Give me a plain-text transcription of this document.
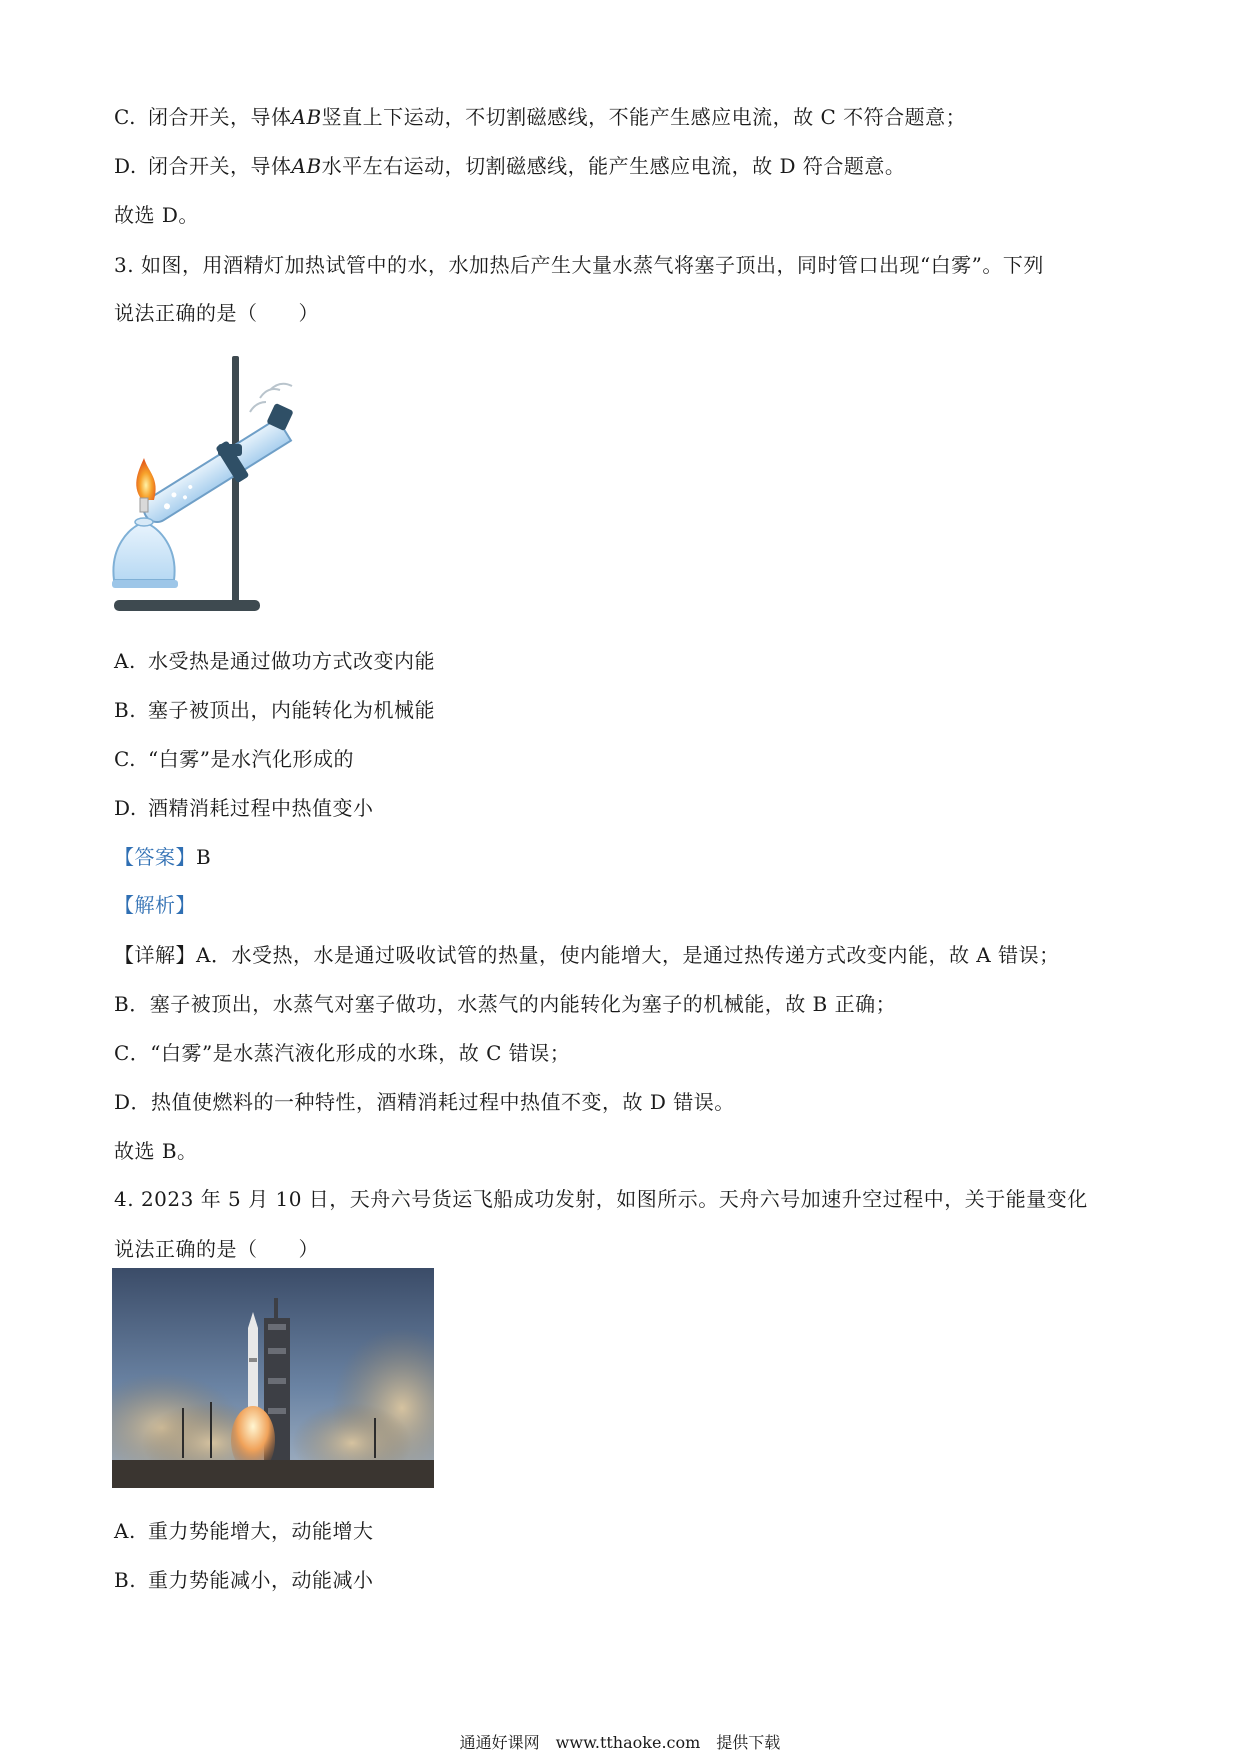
C. 闭合开关，导体AB竖直上下运动，不切割磁感线，不能产生感应电流，故 C 不符合题意；
D. 闭合开关，导体AB水平左右运动，切割磁感线，能产生感应电流，故 D 符合题意。
故选 D。
3. 如图，用酒精灯加热试管中的水，水加热后产生大量水蒸气将塞子顶出，同时管口出现“白雾”。下列
说法正确的是（　　）
A. 水受热是通过做功方式改变内能
B. 塞子被顶出，内能转化为机械能
C. “白雾”是水汽化形成的
D. 酒精消耗过程中热值变小
【答案】B
【解析】
【详解】A．水受热，水是通过吸收试管的热量，使内能增大，是通过热传递方式改变内能，故 A 错误；
B．塞子被顶出，水蒸气对塞子做功，水蒸气的内能转化为塞子的机械能，故 B 正确；
C．“白雾”是水蒸汽液化形成的水珠，故 C 错误；
D．热值使燃料的一种特性，酒精消耗过程中热值不变，故 D 错误。
故选 B。
4. 2023 年 5 月 10 日，天舟六号货运飞船成功发射，如图所示。天舟六号加速升空过程中，关于能量变化
说法正确的是（　　）
A. 重力势能增大，动能增大
B. 重力势能减小，动能减小
通通好课网　www.tthaoke.com　提供下载
